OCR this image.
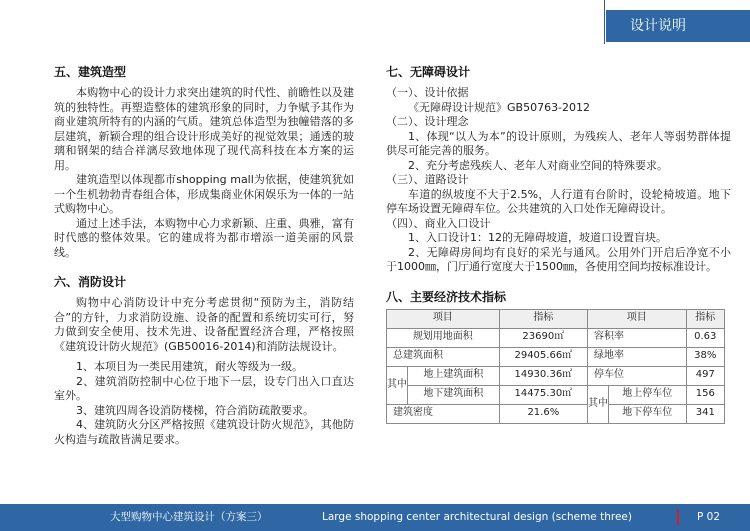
设计说明
五、建筑造型

本购物中心的设计力求突出建筑的时代性、前瞻性以及建筑的独特性。再塑造整体的建筑形象的同时，力争赋予其作为商业建筑所特有的内涵的气质。建筑总体造型为独幢错落的多层建筑，新颖合理的组合设计形成美好的视觉效果；通透的玻璃和钢架的结合祥漓尽致地体现了现代高科技在本方案的运用。

建筑造型以体现都市shopping mall为依据，使建筑犹如一个生机勃勃青春组合体，形成集商业休闲娱乐为一体的一站式购物中心。

通过上述手法，本购物中心力求新颖、庄重、典雅，富有时代感的整体效果。它的建成将为都市增添一道美丽的风景线。

六、消防设计

购物中心消防设计中充分考虑贯彻“预防为主，消防结合”的方针，力求消防设施、设备的配置和系统切实可行，努力做到安全使用、技术先进、设备配置经济合理，严格按照《建筑设计防火规范》(GB50016-2014)和消防法规设计。

1、本项目为一类民用建筑，耐火等级为一级。

2、建筑消防控制中心位于地下一层，设专门出入口直达室外。

3、建筑四周各设消防楼梯，符合消防疏散要求。

4、建筑防火分区严格按照《建筑设计防火规范》，其他防火构造与疏散皆满足要求。

七、无障碍设计

（一）、设计依据

《无障碍设计规范》GB50763-2012

（二）、设计理念

1、体现“以人为本”的设计原则，为残疾人、老年人等弱势群体提供尽可能完善的服务。

2、充分考虑残疾人、老年人对商业空间的特殊要求。

（三）、道路设计

车道的纵坡度不大于2.5%，人行道有台阶时，设轮椅坡道。地下停车场设置无障碍车位。公共建筑的入口处作无障碍设计。

（四）、商业入口设计

1、入口设计1：12的无障碍坡道，坡道口设置盲块。

2、无障碍房间均有良好的采光与通风。公用外门开启后净宽不小于1000㎜，门厅通行宽度大于1500㎜，各使用空间均按标准设计。

八、主要经济技术指标
项目		指标	项目		指标
规划用地面积		23690㎡	容积率		0.63
总建筑面积		29405.66㎡	绿地率		38%
其中	地上建筑面积	14930.36㎡	停车位		497
	地下建筑面积	14475.30㎡	其中	地上停车位	156
建筑密度		21.6%		地下停车位	341
大型购物中心建筑设计（方案三）	Large shopping center architectural design (scheme three)	P 02
